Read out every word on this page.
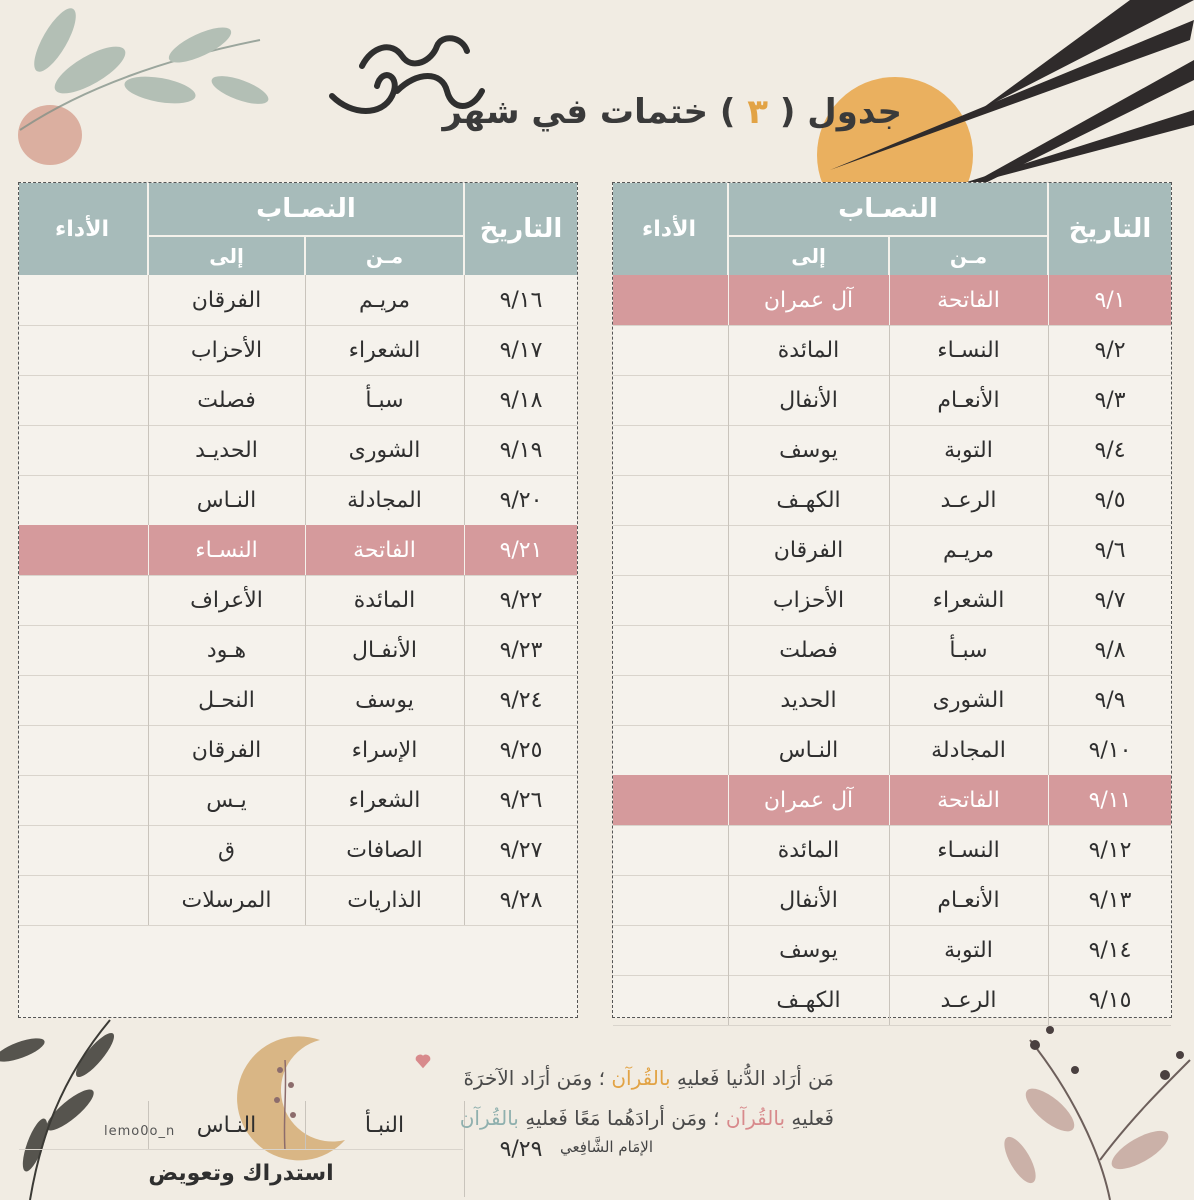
جدول ( ٣ ) ختمات في شهر
التاريخ
النصـاب
مـن
إلى
الأداء
٩/١
الفاتحة
آل عمران
٩/٢
النسـاء
المائدة
٩/٣
الأنعـام
الأنفال
٩/٤
التوبة
يوسف
٩/٥
الرعـد
الكهـف
٩/٦
مريـم
الفرقان
٩/٧
الشعراء
الأحزاب
٩/٨
سبـأ
فصلت
٩/٩
الشورى
الحديد
٩/١٠
المجادلة
النـاس
٩/١١
الفاتحة
آل عمران
٩/١٢
النسـاء
المائدة
٩/١٣
الأنعـام
الأنفال
٩/١٤
التوبة
يوسف
٩/١٥
الرعـد
الكهـف
التاريخ
النصـاب
مـن
إلى
الأداء
٩/١٦
مريـم
الفرقان
٩/١٧
الشعراء
الأحزاب
٩/١٨
سبـأ
فصلت
٩/١٩
الشورى
الحديـد
٩/٢٠
المجادلة
النـاس
٩/٢١
الفاتحة
النسـاء
٩/٢٢
المائدة
الأعراف
٩/٢٣
الأنفـال
هـود
٩/٢٤
يوسف
النحـل
٩/٢٥
الإسراء
الفرقان
٩/٢٦
الشعراء
يـس
٩/٢٧
الصافات
ق
٩/٢٨
الذاريات
المرسلات
٩/٢٩
النبـأ
النـاس
استدراك وتعويض
مَن أرَاد الدُّنيا فَعليهِ بالقُرآن ؛ ومَن أرَاد الآخرَةَ
فَعليهِ بالقُرآن ؛ ومَن أرادَهُما مَعًا فَعليهِ بالقُرآن
الإمَام الشَّافِعي
lemo0o_n
